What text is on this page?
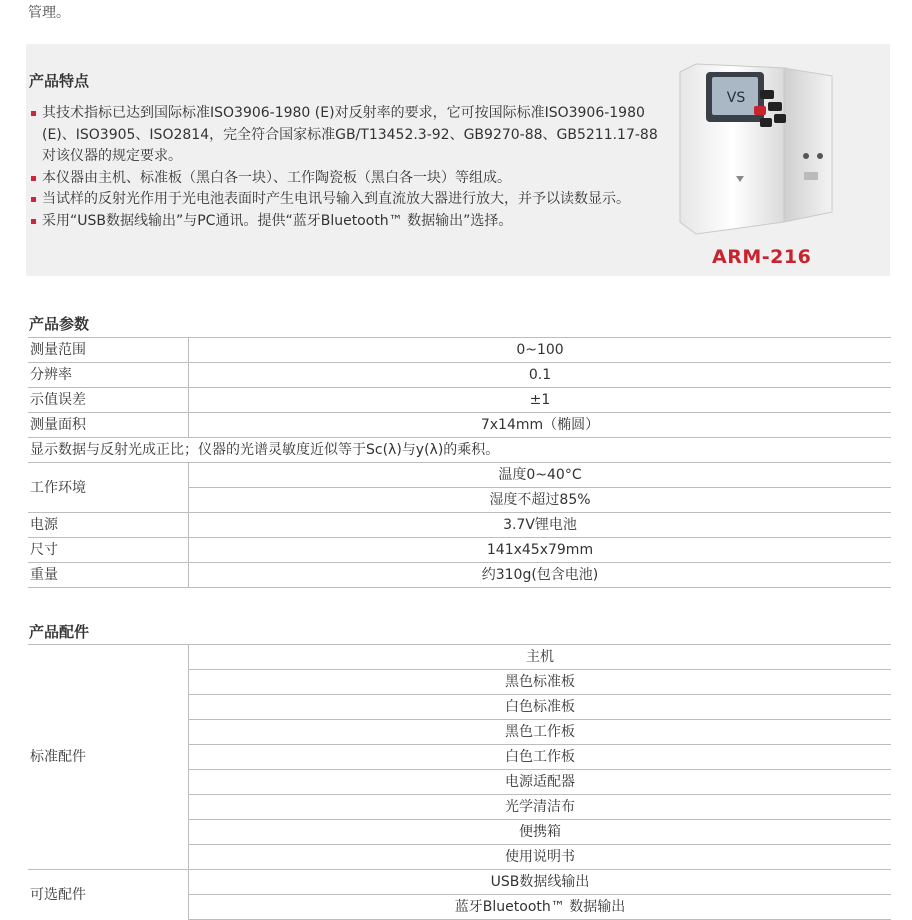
管理。
产品特点
其技术指标已达到国际标准ISO3906-1980 (E)对反射率的要求，它可按国际标准ISO3906-1980 (E)、ISO3905、ISO2814，完全符合国家标准GB/T13452.3-92、GB9270-88、GB5211.17-88对该仪器的规定要求。
本仪器由主机、标准板（黑白各一块）、工作陶瓷板（黑白各一块）等组成。
当试样的反射光作用于光电池表面时产生电讯号输入到直流放大器进行放大，并予以读数显示。
采用“USB数据线输出”与PC通讯。提供“蓝牙Bluetooth™ 数据输出”选择。
VS
ARM-216
产品参数
测量范围	0~100
分辨率	0.1
示值误差	±1
测量面积	7x14mm（椭圆）
显示数据与反射光成正比；仪器的光谱灵敏度近似等于Sc(λ)与y(λ)的乘积。	
工作环境	温度0~40°C
	湿度不超过85%
电源	3.7V锂电池
尺寸	141x45x79mm
重量	约310g(包含电池)
产品配件
标准配件	主机
	黑色标准板
	白色标准板
	黑色工作板
	白色工作板
	电源适配器
	光学清洁布
	便携箱
	使用说明书
可选配件	USB数据线输出
	蓝牙Bluetooth™ 数据输出
